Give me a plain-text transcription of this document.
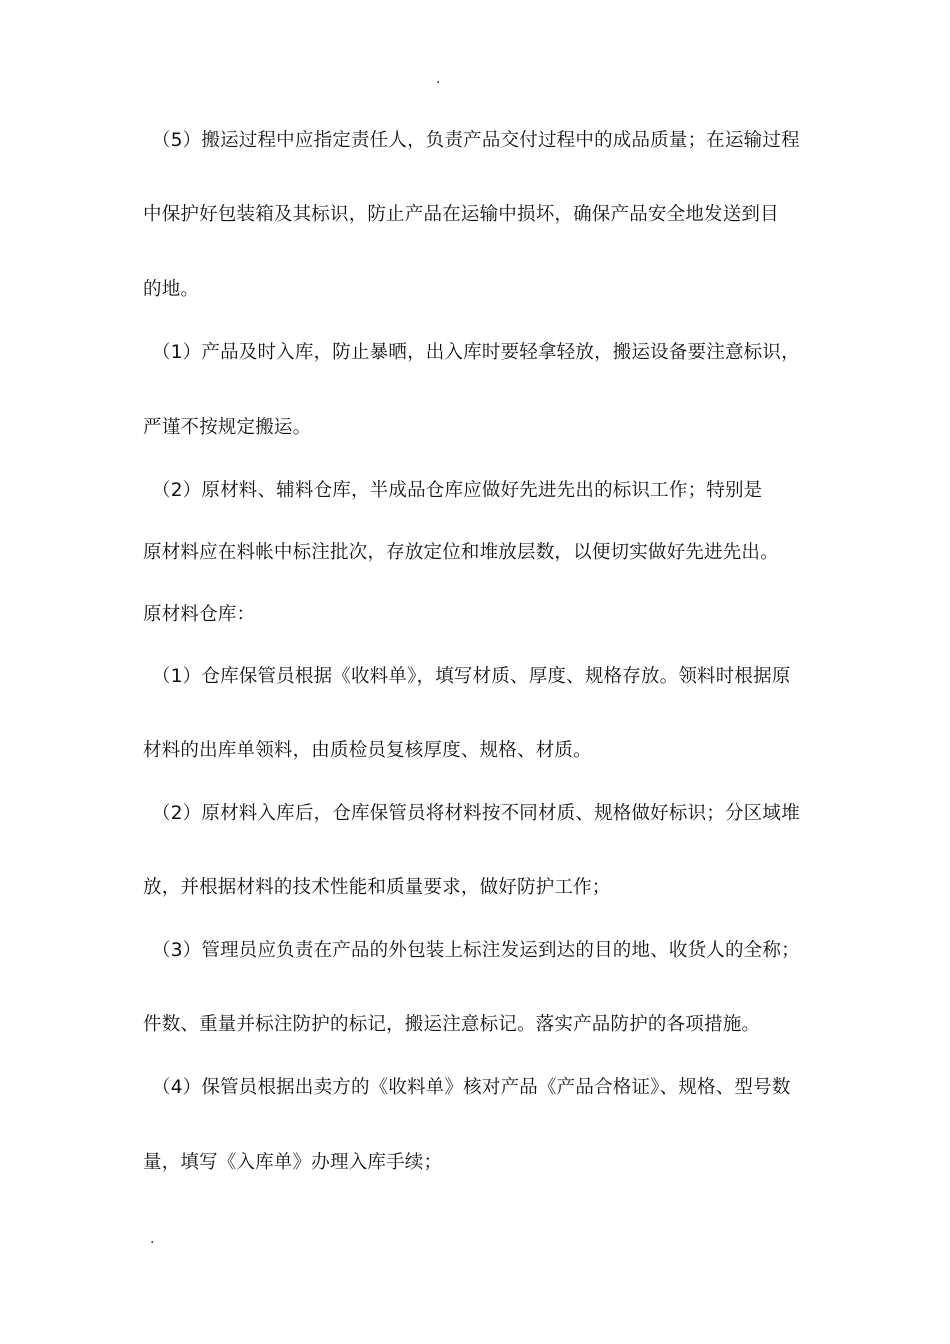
.
（5）搬运过程中应指定责任人，负责产品交付过程中的成品质量；在运输过程
中保护好包装箱及其标识，防止产品在运输中损坏，确保产品安全地发送到目
的地。
（1）产品及时入库，防止暴晒，出入库时要轻拿轻放，搬运设备要注意标识，
严谨不按规定搬运。
（2）原材料、辅料仓库，半成品仓库应做好先进先出的标识工作；特别是
原材料应在料帐中标注批次，存放定位和堆放层数，以便切实做好先进先出。
原材料仓库：
（1）仓库保管员根据《收料单》，填写材质、厚度、规格存放。领料时根据原
材料的出库单领料，由质检员复核厚度、规格、材质。
（2）原材料入库后，仓库保管员将材料按不同材质、规格做好标识；分区域堆
放，并根据材料的技术性能和质量要求，做好防护工作；
（3）管理员应负责在产品的外包装上标注发运到达的目的地、收货人的全称；
件数、重量并标注防护的标记，搬运注意标记。落实产品防护的各项措施。
（4）保管员根据出卖方的《收料单》核对产品《产品合格证》、规格、型号数
量，填写《入库单》办理入库手续；
.
